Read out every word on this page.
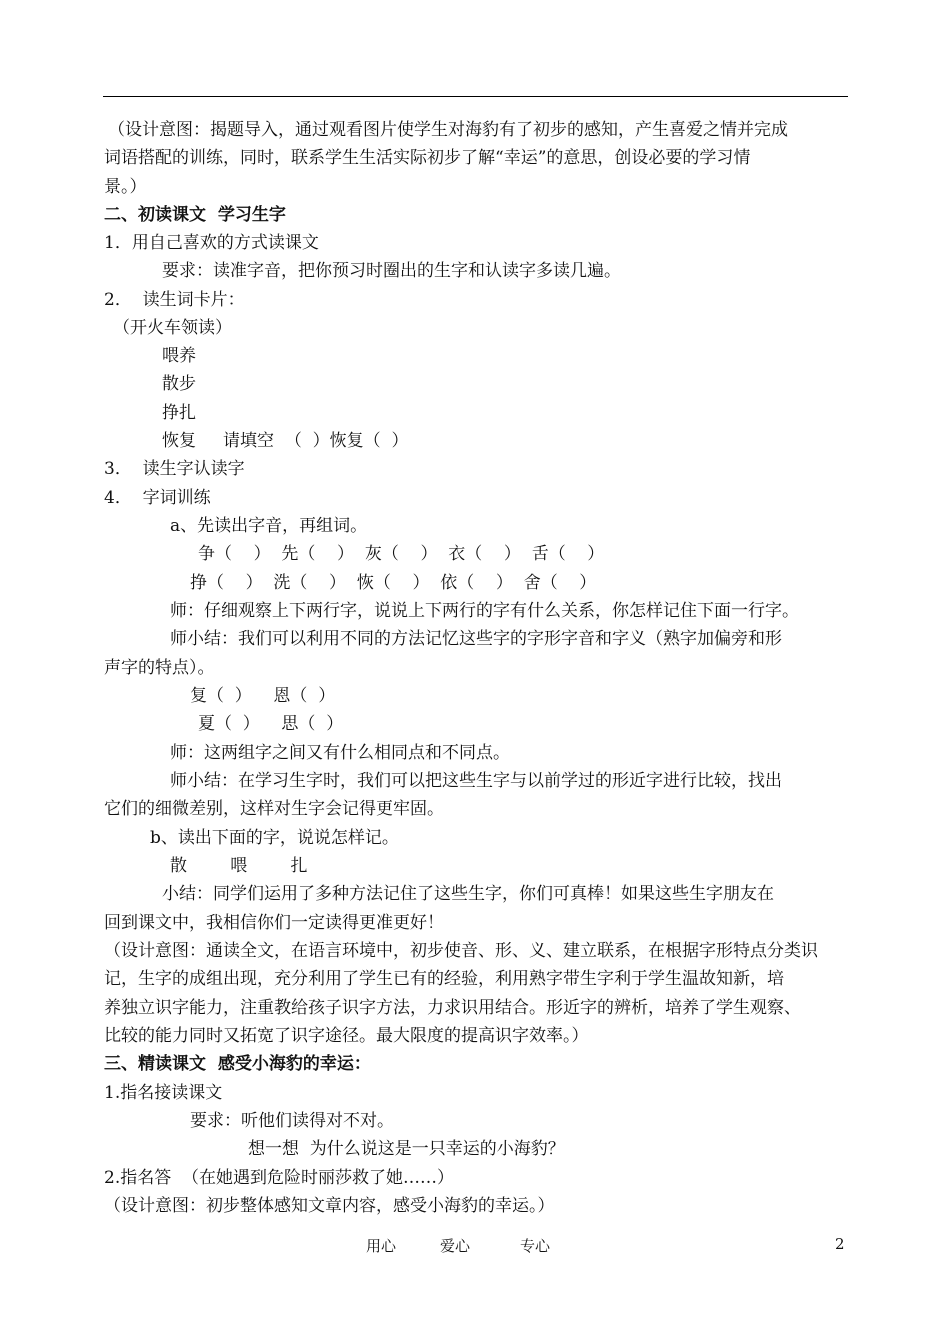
（设计意图：揭题导入，通过观看图片使学生对海豹有了初步的感知，产生喜爱之情并完成
词语搭配的训练，同时，联系学生生活实际初步了解“幸运”的意思，创设必要的学习情
景。）
二、初读课文  学习生字
1．用自己喜欢的方式读课文
要求：读准字音，把你预习时圈出的生字和认读字多读几遍。
2．  读生词卡片：
（开火车领读）
喂养
散步
挣扎
恢复     请填空  （  ）恢复（  ）
3．  读生字认读字
4．  字词训练
a、先读出字音，再组词。
争（    ）  先（    ）  灰（    ）  衣（    ）  舌（    ）
挣（    ）  洗（    ）  恢（    ）  依（    ）  舍（    ）
师：仔细观察上下两行字，说说上下两行的字有什么关系，你怎样记住下面一行字。
师小结：我们可以利用不同的方法记忆这些字的字形字音和字义（熟字加偏旁和形
声字的特点）。
复（  ）    恩（  ）
夏（  ）    思（  ）
师：这两组字之间又有什么相同点和不同点。
师小结：在学习生字时，我们可以把这些生字与以前学过的形近字进行比较，找出
它们的细微差别，这样对生字会记得更牢固。
b、读出下面的字，说说怎样记。
散        喂        扎
小结：同学们运用了多种方法记住了这些生字，你们可真棒！如果这些生字朋友在
回到课文中，我相信你们一定读得更准更好！
（设计意图：通读全文，在语言环境中，初步使音、形、义、建立联系，在根据字形特点分类识
记，生字的成组出现，充分利用了学生已有的经验，利用熟字带生字利于学生温故知新，培
养独立识字能力，注重教给孩子识字方法，力求识用结合。形近字的辨析，培养了学生观察、
比较的能力同时又拓宽了识字途径。最大限度的提高识字效率。）
三、精读课文  感受小海豹的幸运：
1.指名接读课文
要求：听他们读得对不对。
想一想  为什么说这是一只幸运的小海豹？
2.指名答  （在她遇到危险时丽莎救了她……）
（设计意图：初步整体感知文章内容，感受小海豹的幸运。）
用心	爱心	专心	2
